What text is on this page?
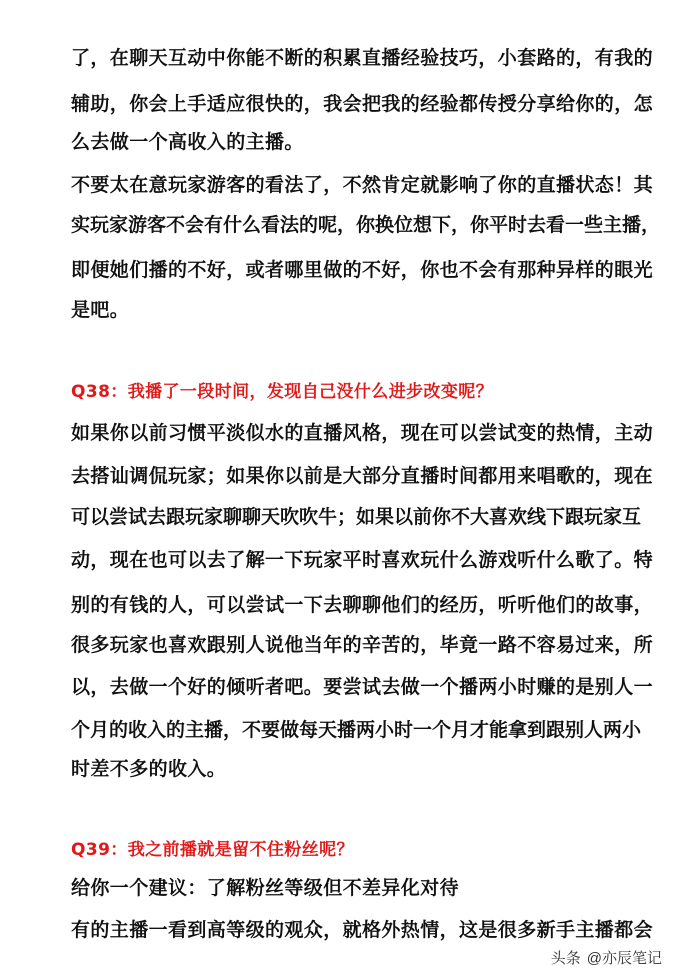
了，在聊天互动中你能不断的积累直播经验技巧，小套路的，有我的
辅助，你会上手适应很快的，我会把我的经验都传授分享给你的，怎
么去做一个高收入的主播。
不要太在意玩家游客的看法了，不然肯定就影响了你的直播状态！其
实玩家游客不会有什么看法的呢，你换位想下，你平时去看一些主播，
即便她们播的不好，或者哪里做的不好，你也不会有那种异样的眼光
是吧。
Q38：我播了一段时间，发现自己没什么进步改变呢？
如果你以前习惯平淡似水的直播风格，现在可以尝试变的热情，主动
去搭讪调侃玩家；如果你以前是大部分直播时间都用来唱歌的，现在
可以尝试去跟玩家聊聊天吹吹牛；如果以前你不大喜欢线下跟玩家互
动，现在也可以去了解一下玩家平时喜欢玩什么游戏听什么歌了。特
别的有钱的人，可以尝试一下去聊聊他们的经历，听听他们的故事，
很多玩家也喜欢跟别人说他当年的辛苦的，毕竟一路不容易过来，所
以，去做一个好的倾听者吧。要尝试去做一个播两小时赚的是别人一
个月的收入的主播，不要做每天播两小时一个月才能拿到跟别人两小
时差不多的收入。
Q39：我之前播就是留不住粉丝呢？
给你一个建议：了解粉丝等级但不差异化对待
有的主播一看到高等级的观众，就格外热情，这是很多新手主播都会
头条 @亦辰笔记
